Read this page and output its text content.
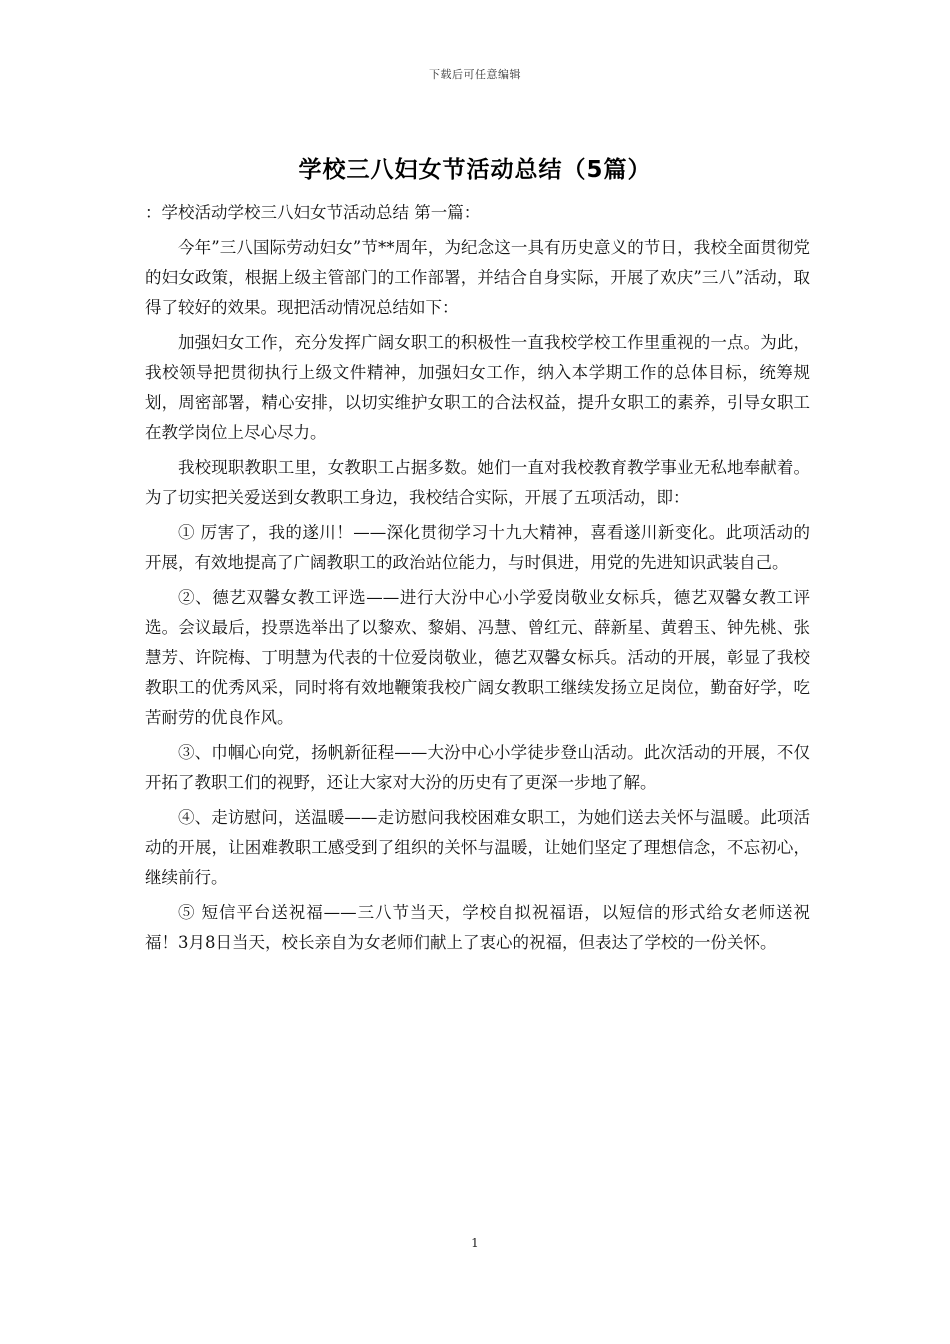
下载后可任意编辑
学校三八妇女节活动总结（5篇）

：学校活动学校三八妇女节活动总结 第一篇：

今年”三八国际劳动妇女”节**周年，为纪念这一具有历史意义的节日，我校全面贯彻党的妇女政策，根据上级主管部门的工作部署，并结合自身实际，开展了欢庆”三八”活动，取得了较好的效果。现把活动情况总结如下：

加强妇女工作，充分发挥广阔女职工的积极性一直我校学校工作里重视的一点。为此，我校领导把贯彻执行上级文件精神，加强妇女工作，纳入本学期工作的总体目标，统筹规划，周密部署，精心安排，以切实维护女职工的合法权益，提升女职工的素养，引导女职工在教学岗位上尽心尽力。

我校现职教职工里，女教职工占据多数。她们一直对我校教育教学事业无私地奉献着。为了切实把关爱送到女教职工身边，我校结合实际，开展了五项活动，即：

① 厉害了，我的遂川！——深化贯彻学习十九大精神，喜看遂川新变化。此项活动的开展，有效地提高了广阔教职工的政治站位能力，与时俱进，用党的先进知识武装自己。

②、德艺双馨女教工评选——进行大汾中心小学爱岗敬业女标兵，德艺双馨女教工评选。会议最后，投票选举出了以黎欢、黎娟、冯慧、曾红元、薛新星、黄碧玉、钟先桃、张慧芳、许院梅、丁明慧为代表的十位爱岗敬业，德艺双馨女标兵。活动的开展，彰显了我校教职工的优秀风采，同时将有效地鞭策我校广阔女教职工继续发扬立足岗位，勤奋好学，吃苦耐劳的优良作风。

③、巾帼心向党，扬帆新征程——大汾中心小学徒步登山活动。此次活动的开展，不仅开拓了教职工们的视野，还让大家对大汾的历史有了更深一步地了解。

④、走访慰问，送温暖——走访慰问我校困难女职工，为她们送去关怀与温暖。此项活动的开展，让困难教职工感受到了组织的关怀与温暖，让她们坚定了理想信念，不忘初心，继续前行。

⑤ 短信平台送祝福——三八节当天，学校自拟祝福语，以短信的形式给女老师送祝福！3月8日当天，校长亲自为女老师们献上了衷心的祝福，但表达了学校的一份关怀。

1
